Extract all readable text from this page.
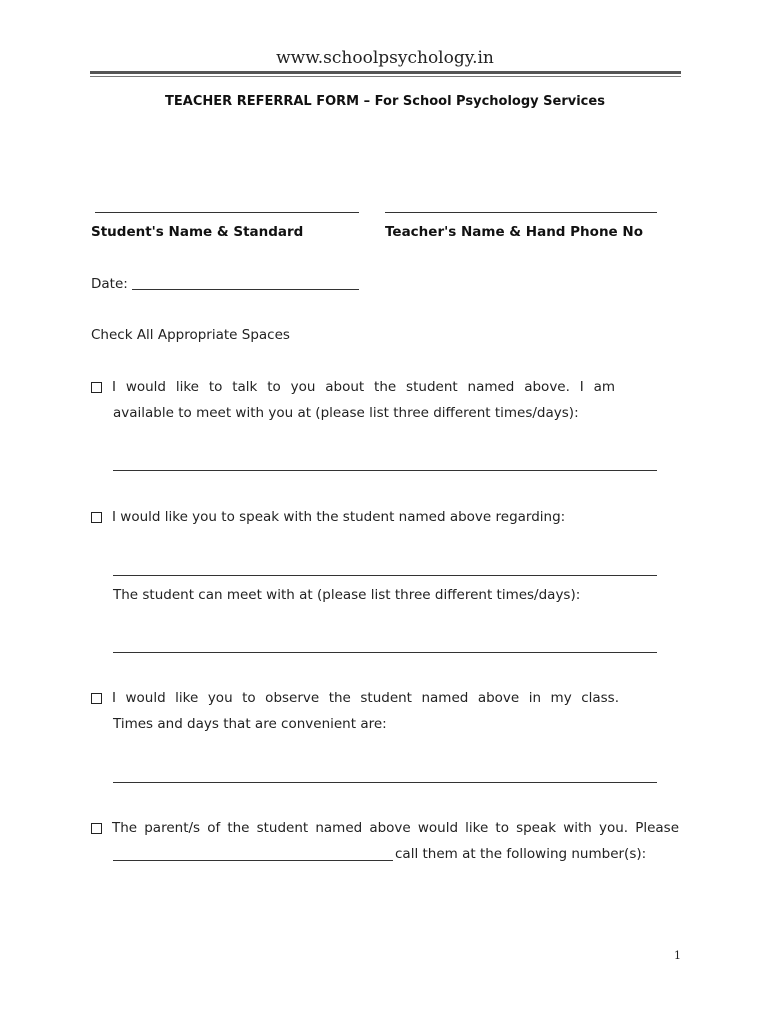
www.schoolpsychology.in
TEACHER REFERRAL FORM – For School Psychology Services
Student's Name & Standard	Teacher's Name & Hand Phone No
Date:
Check All Appropriate Spaces
I would like to talk to you about the student named above. I am
available to meet with you at (please list three different times/days):
I would like you to speak with the student named above regarding:
The student can meet with at (please list three different times/days):
I would like you to observe the student named above in my class.
Times and days that are convenient are:
The parent/s of the student named above would like to speak with you. Please
call them at the following number(s):
1
